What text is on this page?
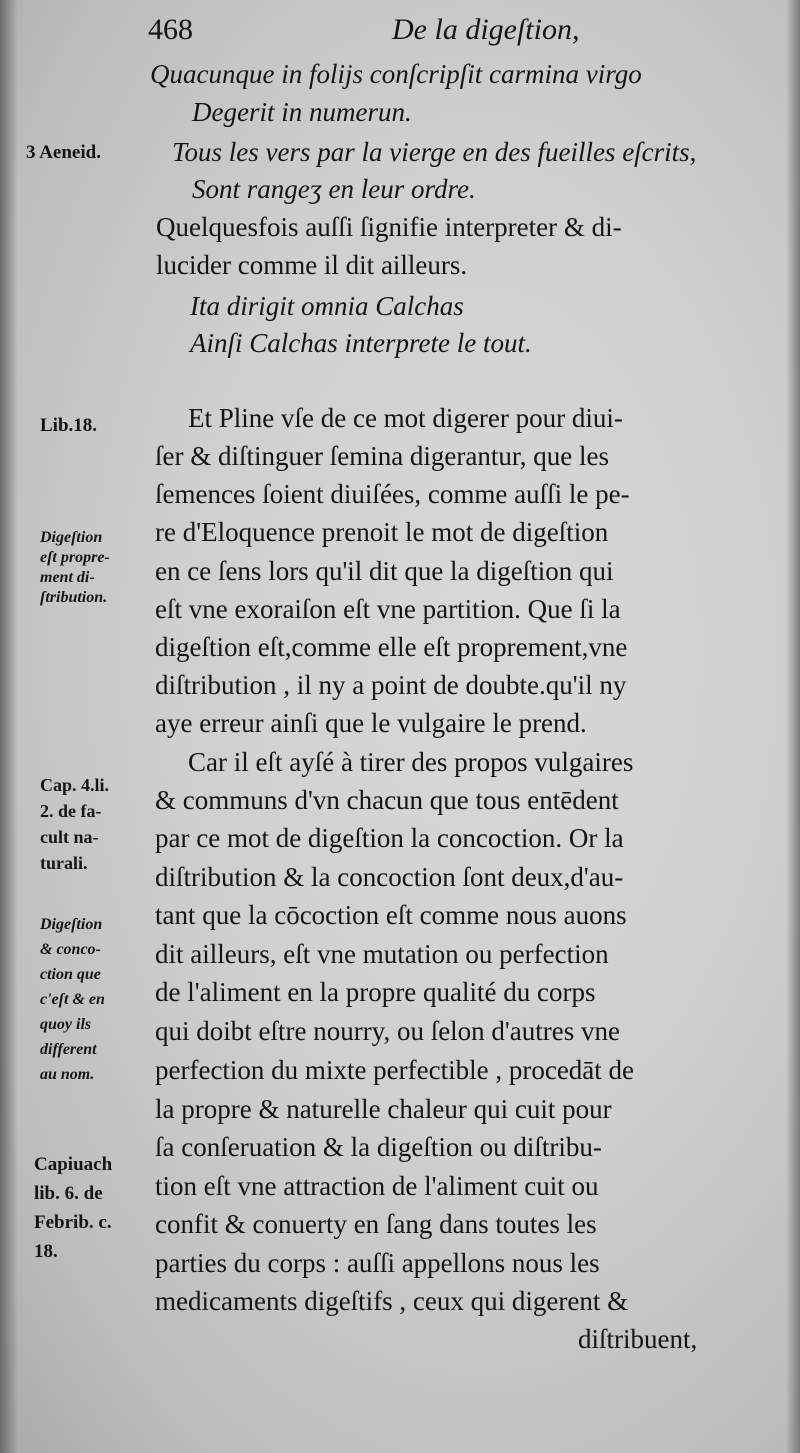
468	De la digeſtion,
Quacunque in folijs conſcripſit carmina virgo
Degerit in numerun.
Tous les vers par la vierge en des fueilles eſcrits,
Sont rangeʒ en leur ordre.
Quelquesfois auſſi ſignifie interpreter & di-
lucider comme il dit ailleurs.
Ita dirigit omnia Calchas
Ainſi Calchas interprete le tout.
Et Pline vſe de ce mot digerer pour diui-
ſer & diſtinguer ſemina digerantur, que les
ſemences ſoient diuiſées, comme auſſi le pe-
re d'Eloquence prenoit le mot de digeſtion
en ce ſens lors qu'il dit que la digeſtion qui
eſt vne exoraiſon eſt vne partition. Que ſi la
digeſtion eſt,comme elle eſt proprement,vne
diſtribution , il ny a point de doubte.qu'il ny
aye erreur ainſi que le vulgaire le prend.
Car il eſt ayſé à tirer des propos vulgaires
& communs d'vn chacun que tous entēdent
par ce mot de digeſtion la concoction. Or la
diſtribution & la concoction ſont deux,d'au-
tant que la cōcoction eſt comme nous auons
dit ailleurs, eſt vne mutation ou perfection
de l'aliment en la propre qualité du corps
qui doibt eſtre nourry, ou ſelon d'autres vne
perfection du mixte perfectible , procedāt de
la propre & naturelle chaleur qui cuit pour
ſa conſeruation & la digeſtion ou diſtribu-
tion eſt vne attraction de l'aliment cuit ou
confit & conuerty en ſang dans toutes les
parties du corps : auſſi appellons nous les
medicaments digeſtifs , ceux qui digerent &
diſtribuent,
3 Aeneid.
Lib.18.
Digeſtion
eſt propre-
ment di-
ſtribution.
Cap. 4.li.
2. de fa-
cult na-
turali.
Digeſtion
& conco-
ction que
c'eſt & en
quoy ils
different
au nom.
Capiuach
lib. 6. de
Febrib. c.
18.
